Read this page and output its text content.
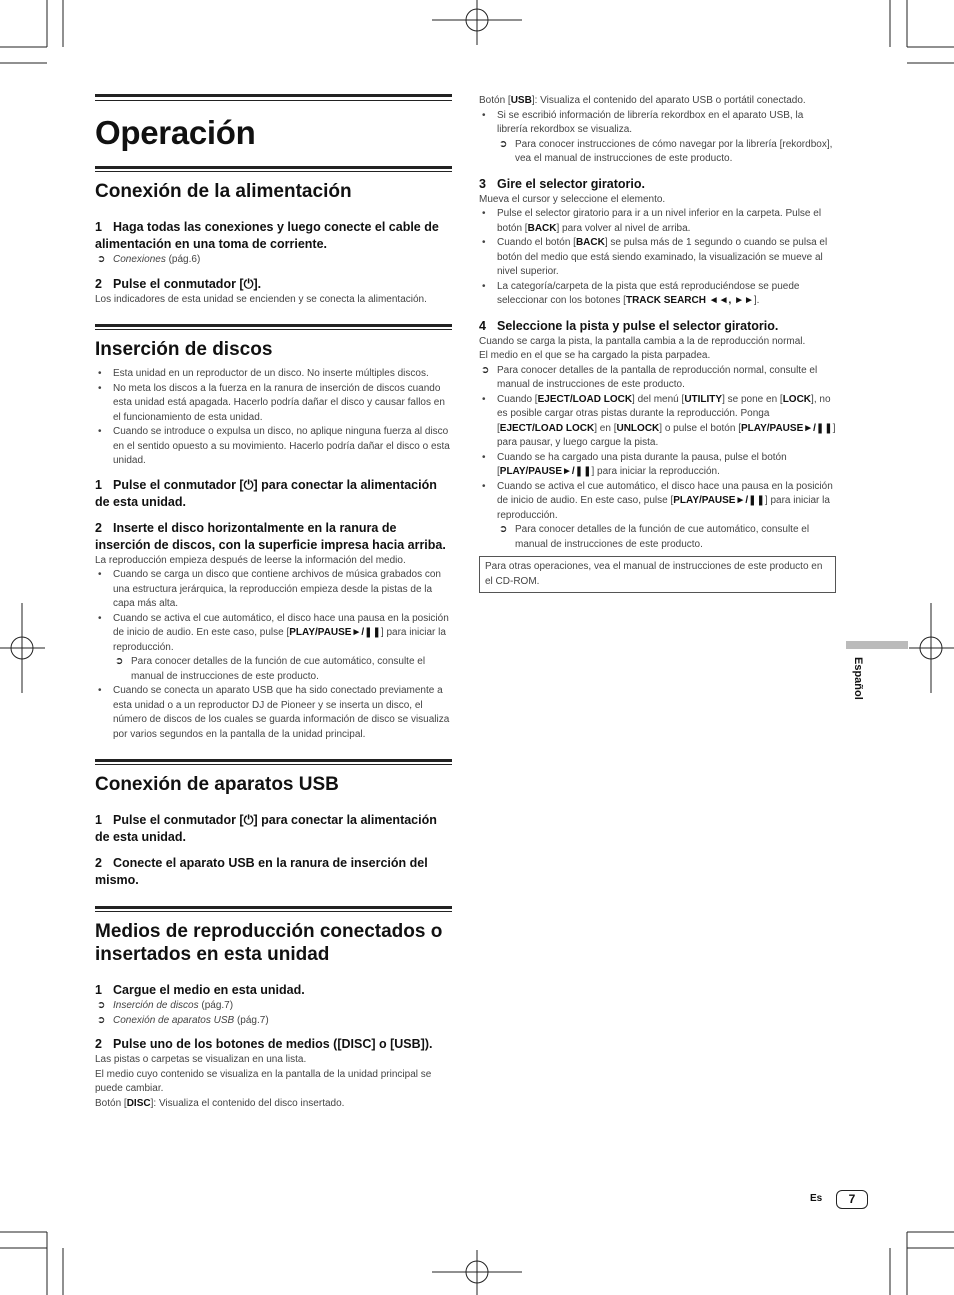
Operación
Conexión de la alimentación
1 Haga todas las conexiones y luego conecte el cable de alimentación en una toma de corriente.
➲ Conexiones (pág.6)
2 Pulse el conmutador [⏻].
Los indicadores de esta unidad se encienden y se conecta la alimentación.
Inserción de discos
• Esta unidad en un reproductor de un disco. No inserte múltiples discos.
• No meta los discos a la fuerza en la ranura de inserción de discos cuando esta unidad está apagada. Hacerlo podría dañar el disco y causar fallos en el funcionamiento de esta unidad.
• Cuando se introduce o expulsa un disco, no aplique ninguna fuerza al disco en el sentido opuesto a su movimiento. Hacerlo podría dañar el disco o esta unidad.
1 Pulse el conmutador [⏻] para conectar la alimentación de esta unidad.
2 Inserte el disco horizontalmente en la ranura de inserción de discos, con la superficie impresa hacia arriba.
La reproducción empieza después de leerse la información del medio.
• Cuando se carga un disco que contiene archivos de música grabados con una estructura jerárquica, la reproducción empieza desde la pistas de la capa más alta.
• Cuando se activa el cue automático, el disco hace una pausa en la posición de inicio de audio. En este caso, pulse [PLAY/PAUSE►/❚❚] para iniciar la reproducción.
➲ Para conocer detalles de la función de cue automático, consulte el manual de instrucciones de este producto.
• Cuando se conecta un aparato USB que ha sido conectado previamente a esta unidad o a un reproductor DJ de Pioneer y se inserta un disco, el número de discos de los cuales se guarda información de disco se visualiza por varios segundos en la pantalla de la unidad principal.
Conexión de aparatos USB
1 Pulse el conmutador [⏻] para conectar la alimentación de esta unidad.
2 Conecte el aparato USB en la ranura de inserción del mismo.
Medios de reproducción conectados o insertados en esta unidad
1 Cargue el medio en esta unidad.
➲ Inserción de discos (pág.7)
➲ Conexión de aparatos USB (pág.7)
2 Pulse uno de los botones de medios ([DISC] o [USB]).
Las pistas o carpetas se visualizan en una lista.
El medio cuyo contenido se visualiza en la pantalla de la unidad principal se puede cambiar.
Botón [DISC]: Visualiza el contenido del disco insertado.
Botón [USB]: Visualiza el contenido del aparato USB o portátil conectado.
• Si se escribió información de librería rekordbox en el aparato USB, la librería rekordbox se visualiza.
➲ Para conocer instrucciones de cómo navegar por la librería [rekordbox], vea el manual de instrucciones de este producto.
3 Gire el selector giratorio.
Mueva el cursor y seleccione el elemento.
• Pulse el selector giratorio para ir a un nivel inferior en la carpeta. Pulse el botón [BACK] para volver al nivel de arriba.
• Cuando el botón [BACK] se pulsa más de 1 segundo o cuando se pulsa el botón del medio que está siendo examinado, la visualización se mueve al nivel superior.
• La categoría/carpeta de la pista que está reproduciéndose se puede seleccionar con los botones [TRACK SEARCH ◄◄, ►►].
4 Seleccione la pista y pulse el selector giratorio.
Cuando se carga la pista, la pantalla cambia a la de reproducción normal.
El medio en el que se ha cargado la pista parpadea.
➲ Para conocer detalles de la pantalla de reproducción normal, consulte el manual de instrucciones de este producto.
• Cuando [EJECT/LOAD LOCK] del menú [UTILITY] se pone en [LOCK], no es posible cargar otras pistas durante la reproducción. Ponga [EJECT/LOAD LOCK] en [UNLOCK] o pulse el botón [PLAY/PAUSE►/❚❚] para pausar, y luego cargue la pista.
• Cuando se ha cargado una pista durante la pausa, pulse el botón [PLAY/PAUSE►/❚❚] para iniciar la reproducción.
• Cuando se activa el cue automático, el disco hace una pausa en la posición de inicio de audio. En este caso, pulse [PLAY/PAUSE►/❚❚] para iniciar la reproducción.
➲ Para conocer detalles de la función de cue automático, consulte el manual de instrucciones de este producto.
Para otras operaciones, vea el manual de instrucciones de este producto en el CD-ROM.
Español
Es	7
